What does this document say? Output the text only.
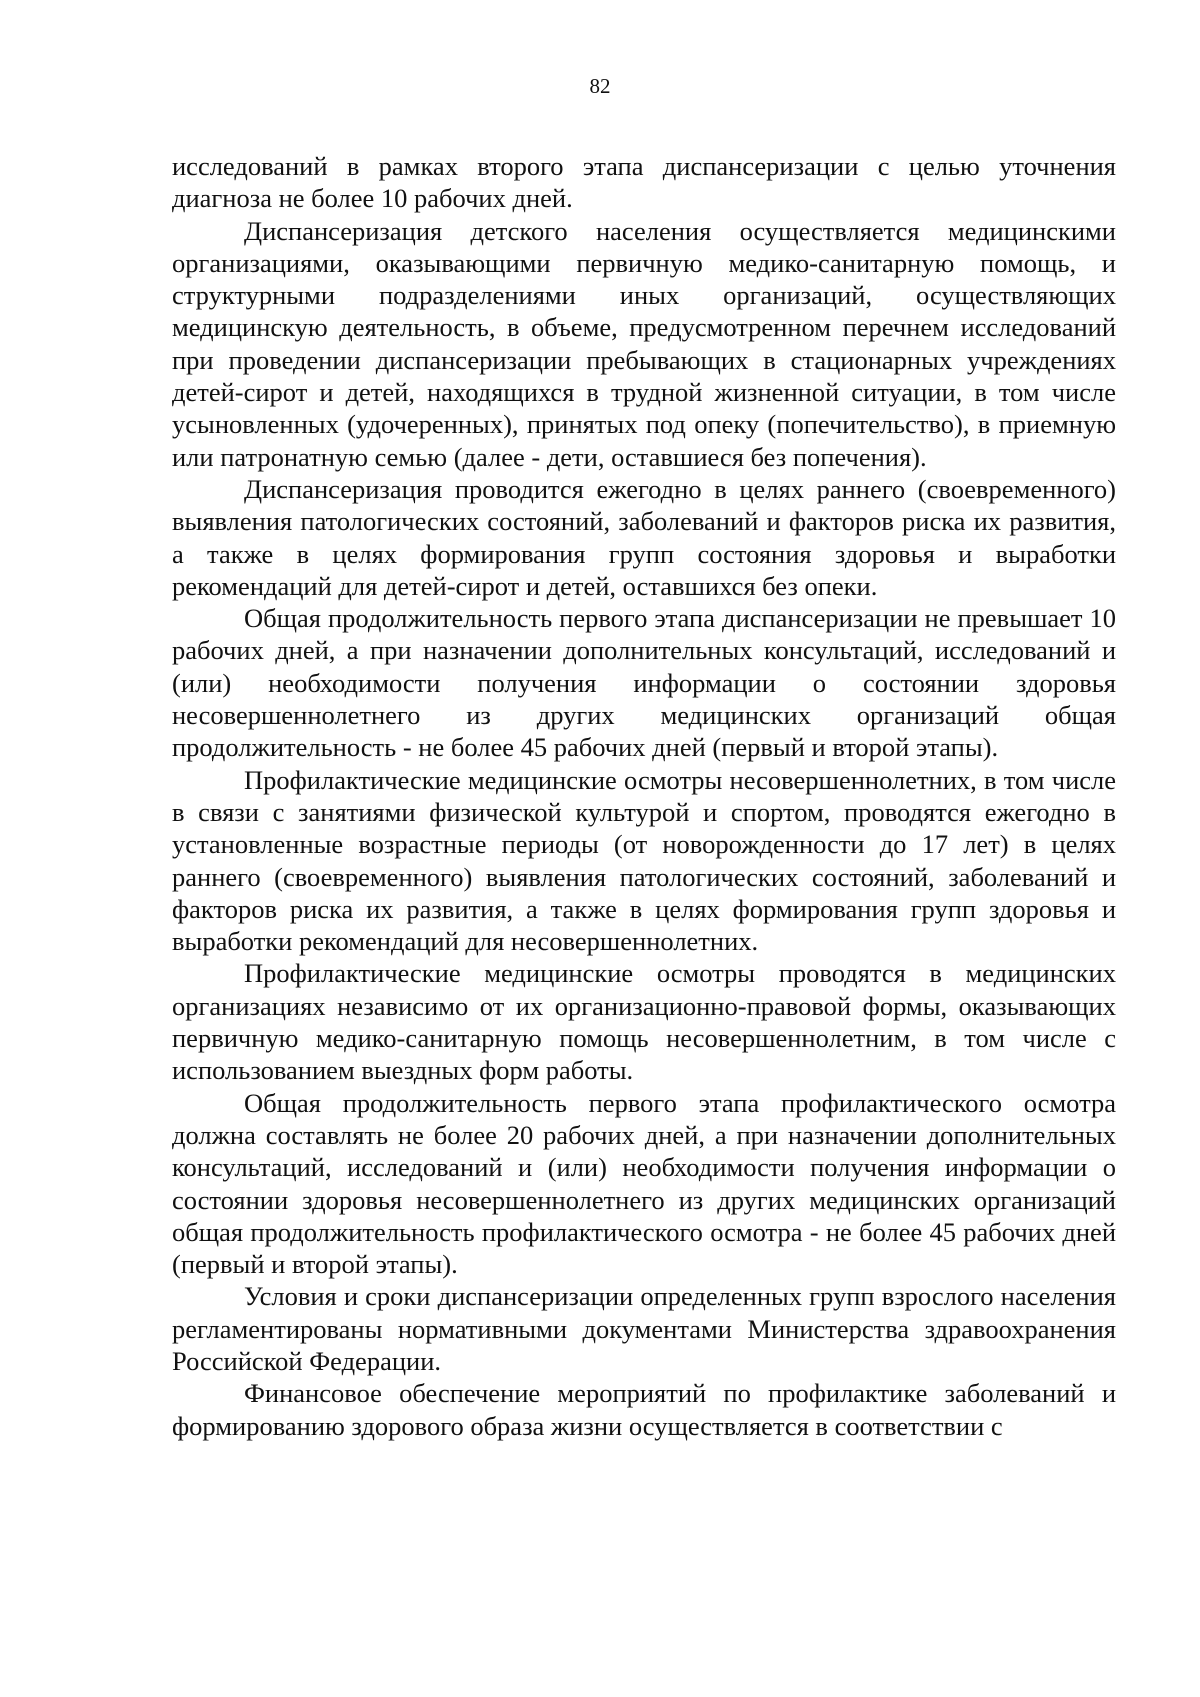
82

исследований в рамках второго этапа диспансеризации с целью уточнения диагноза не более 10 рабочих дней.

Диспансеризация детского населения осуществляется медицинскими организациями, оказывающими первичную медико-санитарную помощь, и структурными подразделениями иных организаций, осуществляющих медицинскую деятельность, в объеме, предусмотренном перечнем исследований при проведении диспансеризации пребывающих в стационарных учреждениях детей-сирот и детей, находящихся в трудной жизненной ситуации, в том числе усыновленных (удочеренных), принятых под опеку (попечительство), в приемную или патронатную семью (далее - дети, оставшиеся без попечения).

Диспансеризация проводится ежегодно в целях раннего (своевременного) выявления патологических состояний, заболеваний и факторов риска их развития, а также в целях формирования групп состояния здоровья и выработки рекомендаций для детей-сирот и детей, оставшихся без опеки.

Общая продолжительность первого этапа диспансеризации не превышает 10 рабочих дней, а при назначении дополнительных консультаций, исследований и (или) необходимости получения информации о состоянии здоровья несовершеннолетнего из других медицинских организаций общая продолжительность - не более 45 рабочих дней (первый и второй этапы).

Профилактические медицинские осмотры несовершеннолетних, в том числе в связи с занятиями физической культурой и спортом, проводятся ежегодно в установленные возрастные периоды (от новорожденности до 17 лет) в целях раннего (своевременного) выявления патологических состояний, заболеваний и факторов риска их развития, а также в целях формирования групп здоровья и выработки рекомендаций для несовершеннолетних.

Профилактические медицинские осмотры проводятся в медицинских организациях независимо от их организационно-правовой формы, оказывающих первичную медико-санитарную помощь несовершеннолетним, в том числе с использованием выездных форм работы.

Общая продолжительность первого этапа профилактического осмотра должна составлять не более 20 рабочих дней, а при назначении дополнительных консультаций, исследований и (или) необходимости получения информации о состоянии здоровья несовершеннолетнего из других медицинских организаций общая продолжительность профилактического осмотра - не более 45 рабочих дней (первый и второй этапы).

Условия и сроки диспансеризации определенных групп взрослого населения регламентированы нормативными документами Министерства здравоохранения Российской Федерации.

Финансовое обеспечение мероприятий по профилактике заболеваний и формированию здорового образа жизни осуществляется в соответствии с
